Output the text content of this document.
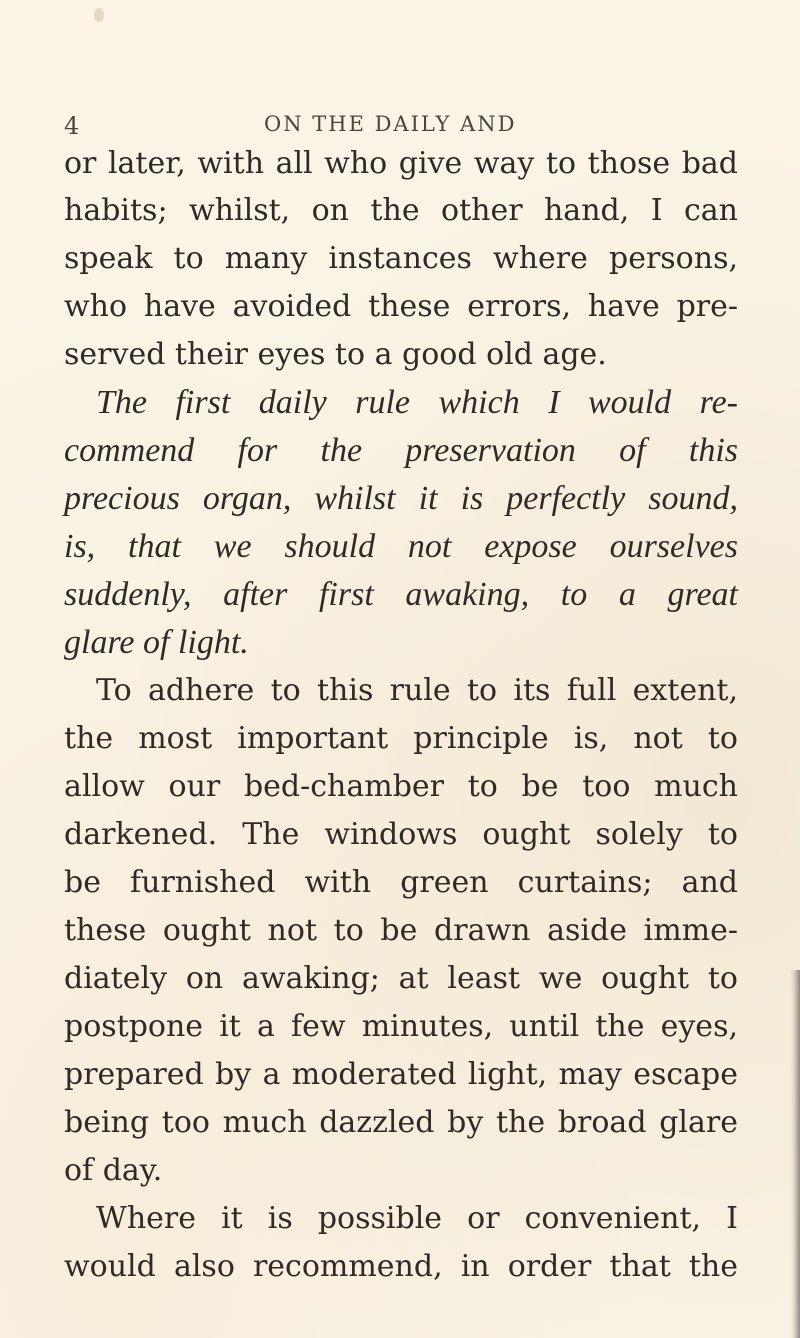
4	ON THE DAILY AND
or later, with all who give way to those bad
habits; whilst, on the other hand, I can
speak to many instances where persons,
who have avoided these errors, have pre-
served their eyes to a good old age.
The first daily rule which I would re-
commend for the preservation of this
precious organ, whilst it is perfectly sound,
is, that we should not expose ourselves
suddenly, after first awaking, to a great
glare of light.
To adhere to this rule to its full extent,
the most important principle is, not to
allow our bed-chamber to be too much
darkened. The windows ought solely to
be furnished with green curtains; and
these ought not to be drawn aside imme-
diately on awaking; at least we ought to
postpone it a few minutes, until the eyes,
prepared by a moderated light, may escape
being too much dazzled by the broad glare
of day.
Where it is possible or convenient, I
would also recommend, in order that the
